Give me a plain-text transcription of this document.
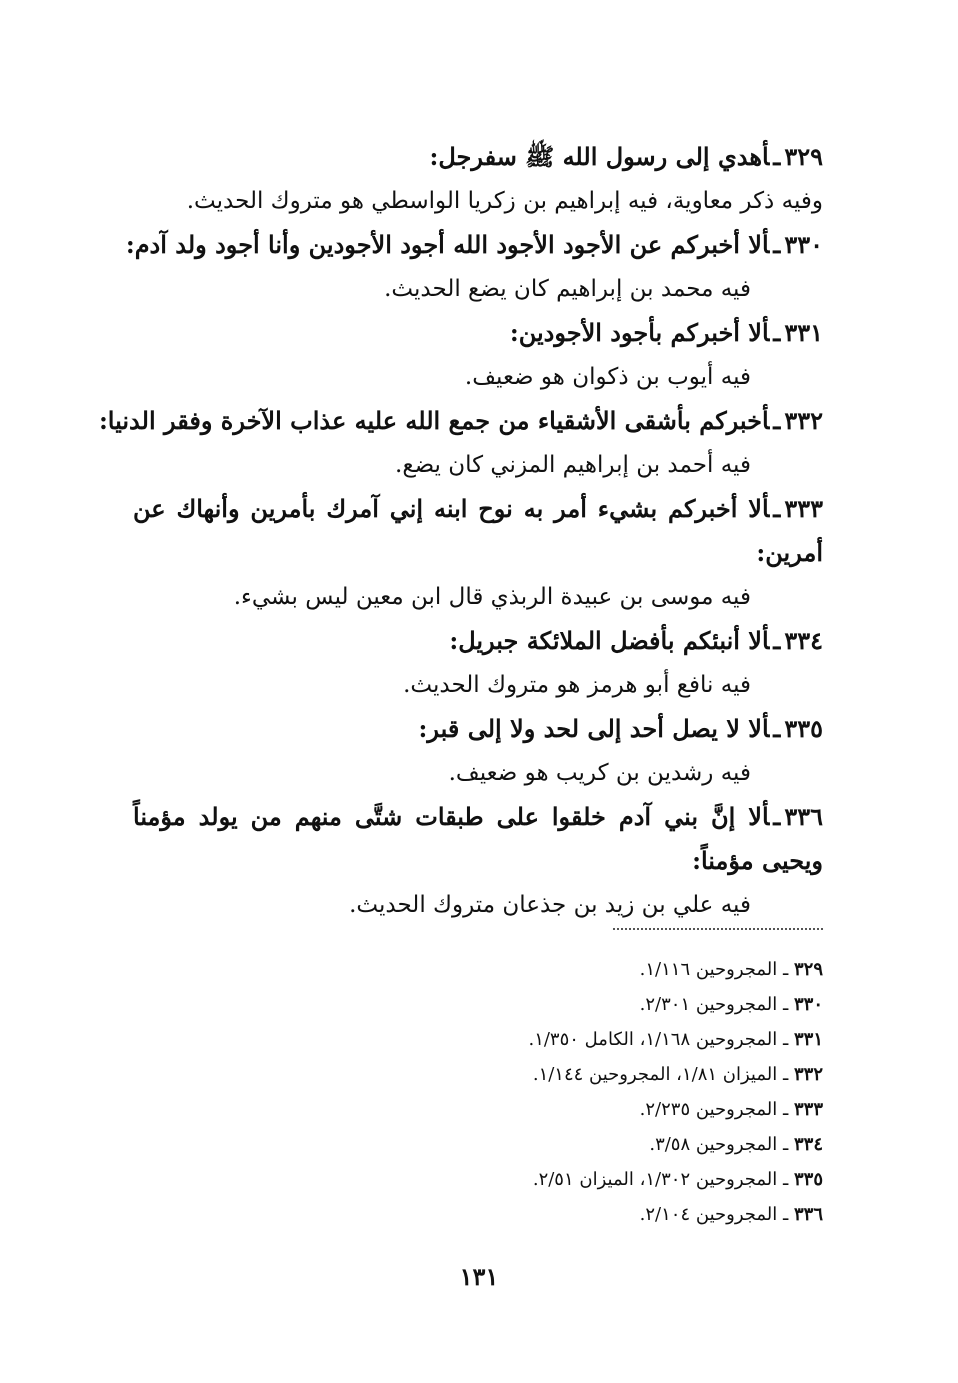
٣٢٩ـأهدي إلى رسول الله ﷺ سفرجل:
وفيه ذكر معاوية، فيه إبراهيم بن زكريا الواسطي هو متروك الحديث.
٣٣٠ـألا أخبركم عن الأجود الأجود الله أجود الأجودين وأنا أجود ولد آدم:
فيه محمد بن إبراهيم كان يضع الحديث.
٣٣١ـألا أخبركم بأجود الأجودين:
فيه أيوب بن ذكوان هو ضعيف.
٣٣٢ـأخبركم بأشقى الأشقياء من جمع الله عليه عذاب الآخرة وفقر الدنيا:
فيه أحمد بن إبراهيم المزني كان يضع.
٣٣٣ـألا أخبركم بشيء أمر به نوح ابنه إني آمرك بأمرين وأنهاك عن أمرين:
فيه موسى بن عبيدة الربذي قال ابن معين ليس بشيء.
٣٣٤ـألا أنبئكم بأفضل الملائكة جبريل:
فيه نافع أبو هرمز هو متروك الحديث.
٣٣٥ـألا لا يصل أحد إلى لحد ولا إلى قبر:
فيه رشدين بن كريب هو ضعيف.
٣٣٦ـألا إنَّ بني آدم خلقوا على طبقات شتَّى منهم من يولد مؤمناً ويحيى مؤمناً:
فيه علي بن زيد بن جذعان متروك الحديث.
٣٢٩ ـ المجروحين ١/١١٦.
٣٣٠ ـ المجروحين ٢/٣٠١.
٣٣١ ـ المجروحين ١/١٦٨، الكامل ١/٣٥٠.
٣٣٢ ـ الميزان ١/٨١، المجروحين ١/١٤٤.
٣٣٣ ـ المجروحين ٢/٢٣٥.
٣٣٤ ـ المجروحين ٣/٥٨.
٣٣٥ ـ المجروحين ١/٣٠٢، الميزان ٢/٥١.
٣٣٦ ـ المجروحين ٢/١٠٤.
١٣١
